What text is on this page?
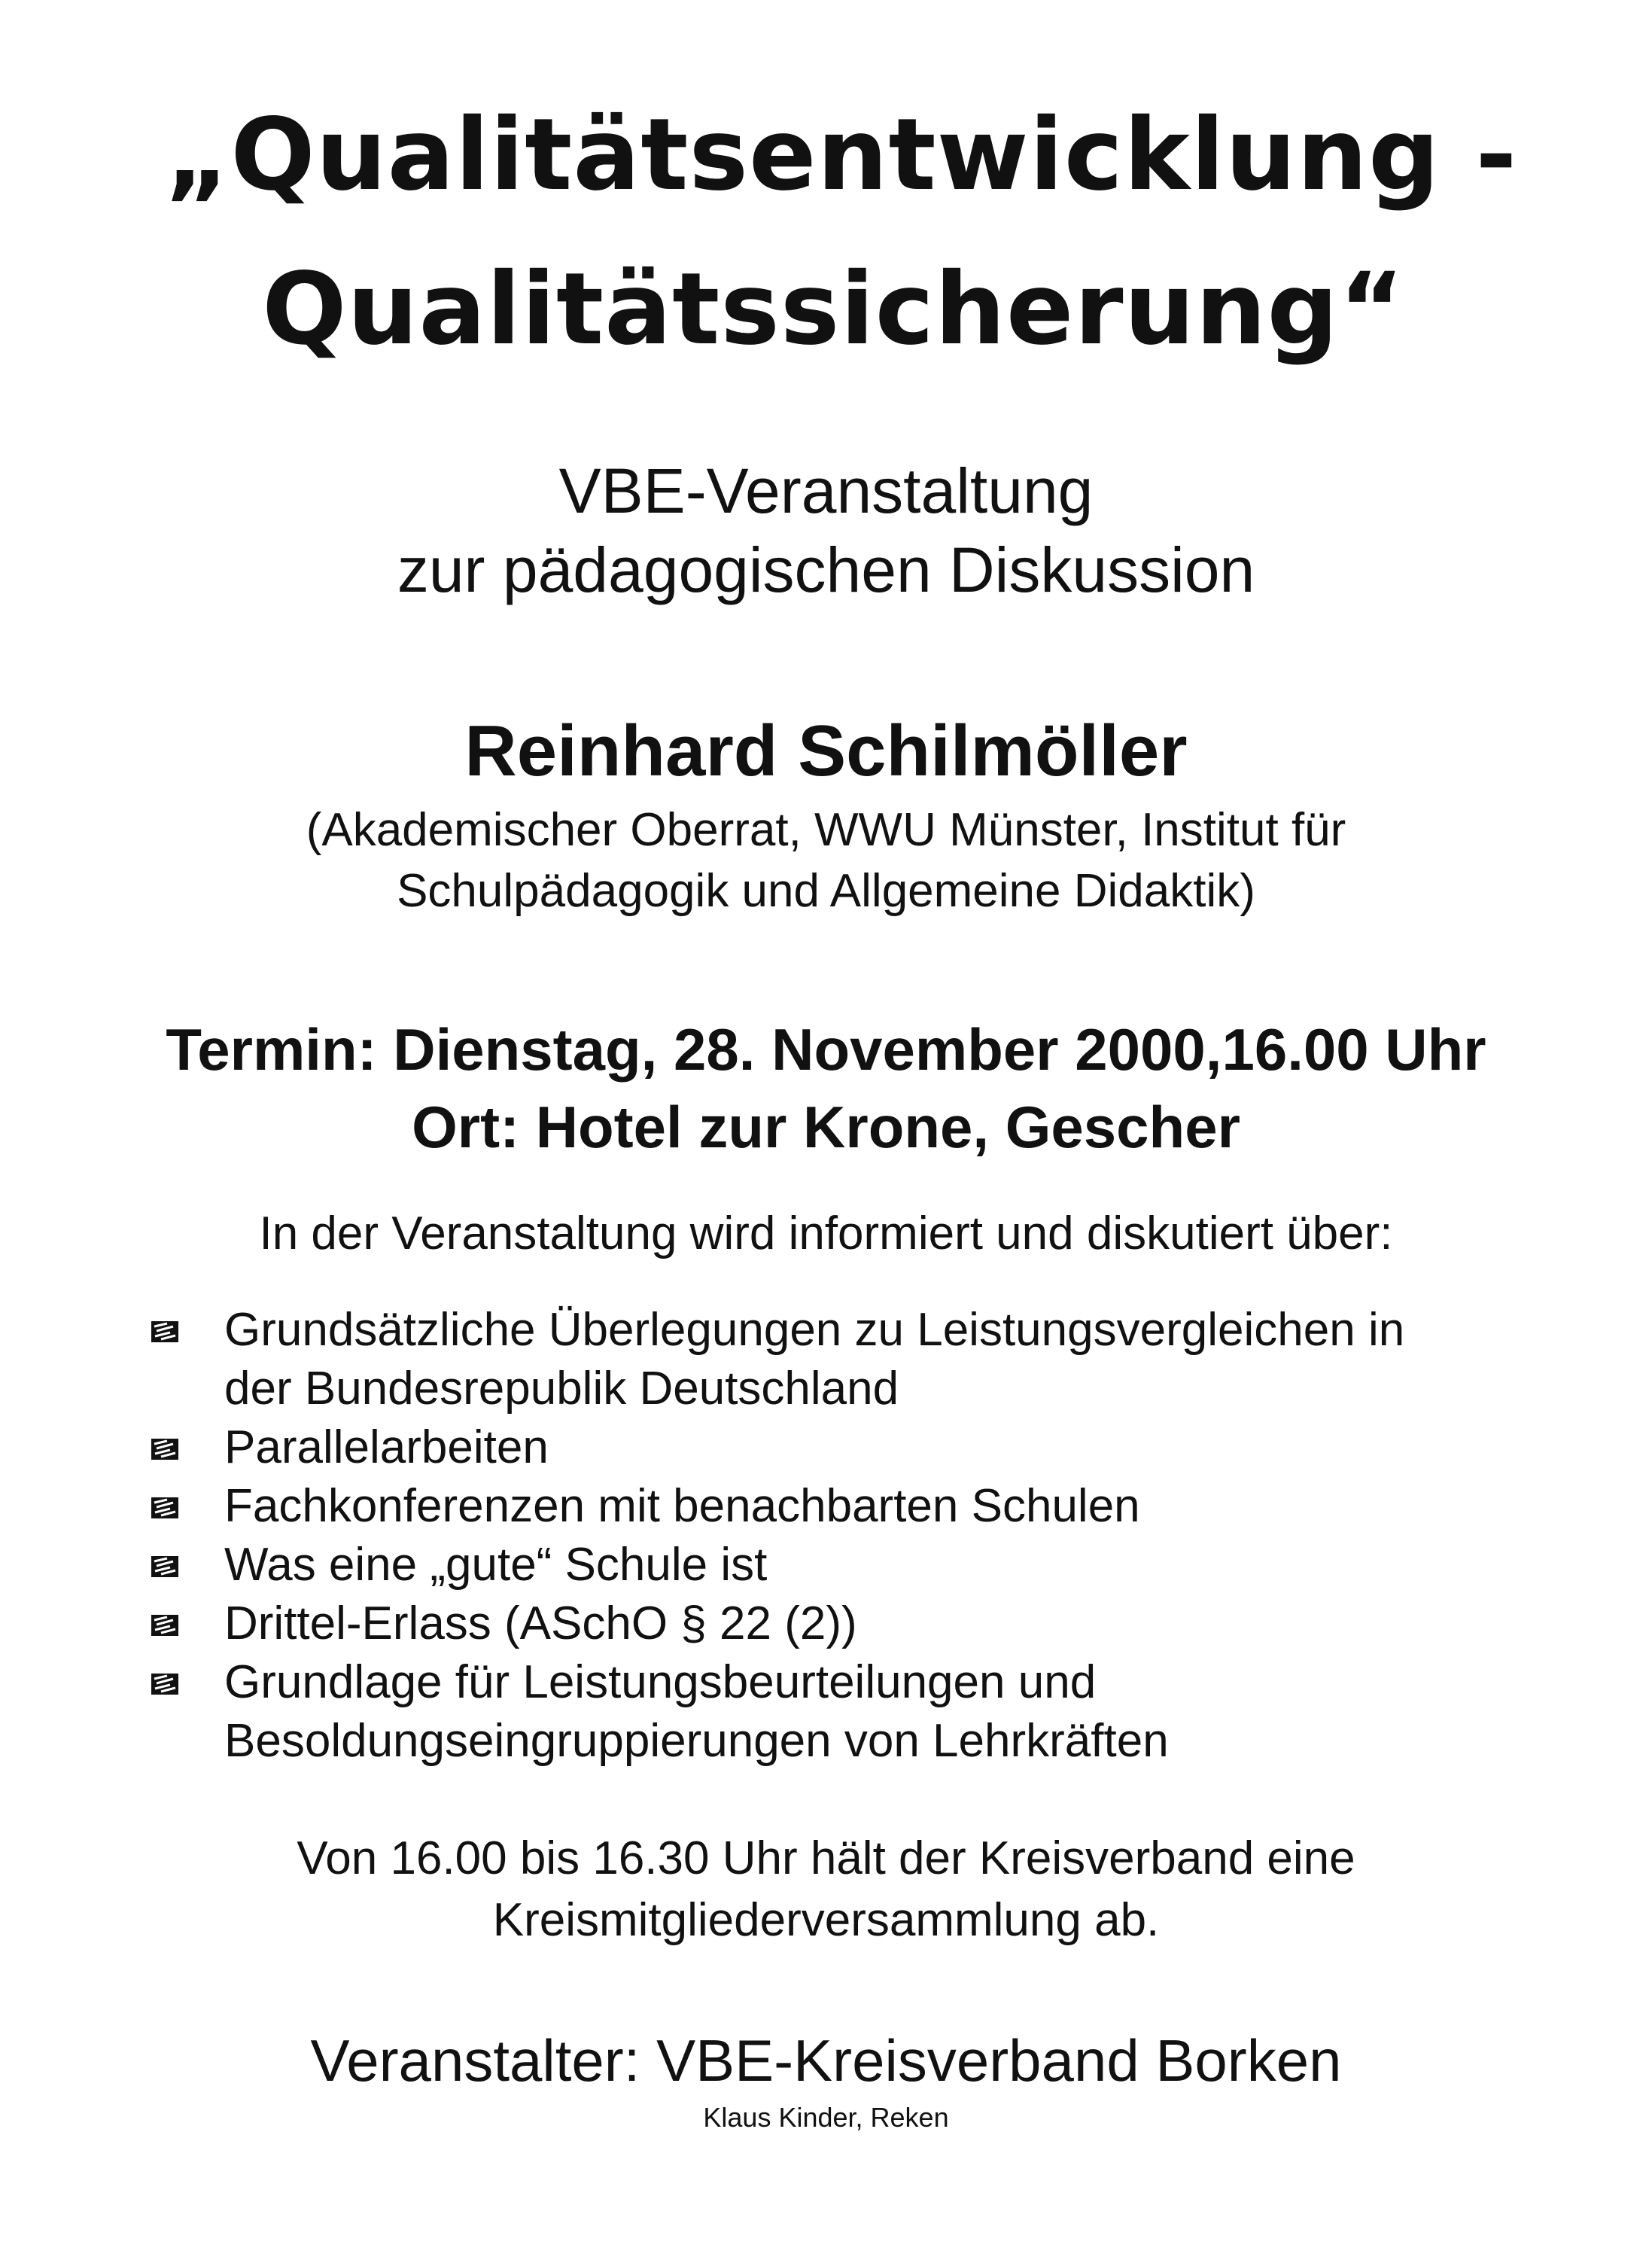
„Qualitätsentwicklung -
Qualitätssicherung“
VBE-Veranstaltung
zur pädagogischen Diskussion
Reinhard Schilmöller
(Akademischer Oberrat, WWU Münster, Institut für
Schulpädagogik und Allgemeine Didaktik)
Termin: Dienstag, 28. November 2000,16.00 Uhr
Ort: Hotel zur Krone, Gescher
In der Veranstaltung wird informiert und diskutiert über:
Grundsätzliche Überlegungen zu Leistungsvergleichen in
der Bundesrepublik Deutschland
Parallelarbeiten
Fachkonferenzen mit benachbarten Schulen
Was eine „gute“ Schule ist
Drittel-Erlass (ASchO § 22 (2))
Grundlage für Leistungsbeurteilungen und
Besoldungseingruppierungen von Lehrkräften
Von 16.00 bis 16.30 Uhr hält der Kreisverband eine
Kreismitgliederversammlung ab.
Veranstalter: VBE-Kreisverband Borken
Klaus Kinder, Reken
